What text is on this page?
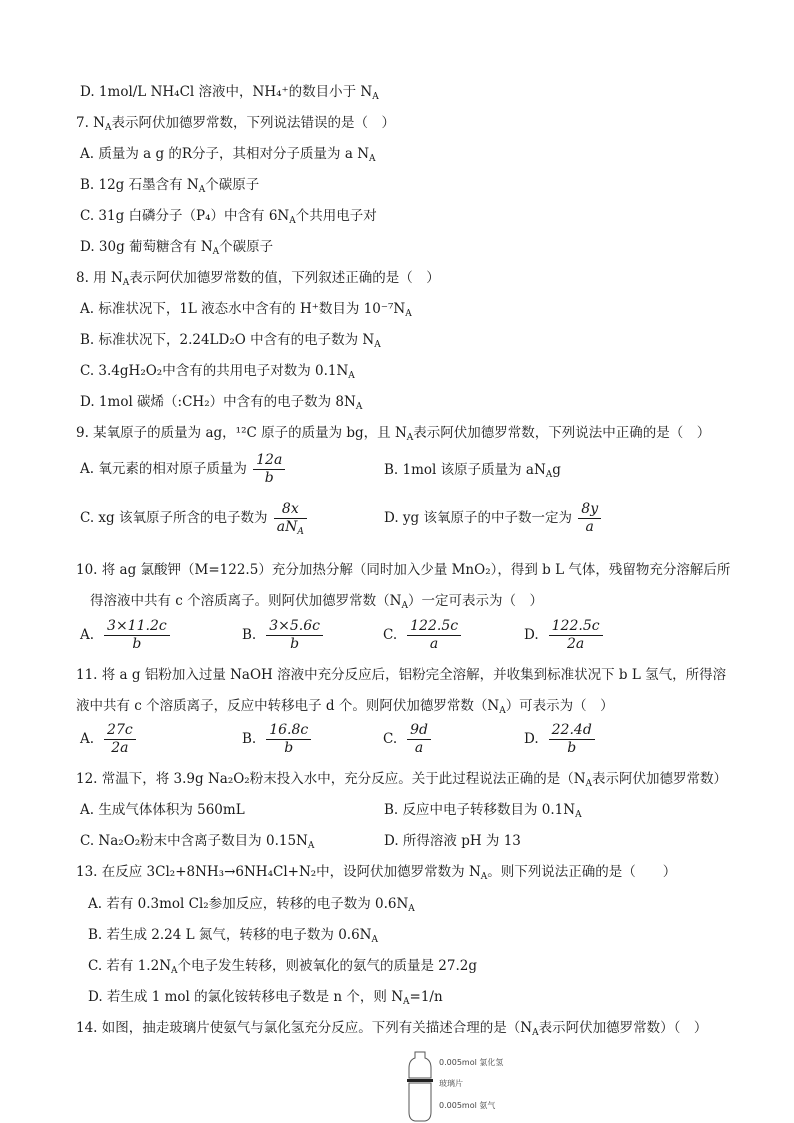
D. 1mol/L NH₄Cl 溶液中，NH₄⁺的数目小于 $N_A$
7. $N_A$表示阿伏加德罗常数，下列说法错误的是（　）
A. 质量为 a g 的R分子，其相对分子质量为 a $N_A$
B. 12g 石墨含有 $N_A$个碳原子
C. 31g 白磷分子（P₄）中含有 $6N_A$个共用电子对
D. 30g 葡萄糖含有 $N_A$个碳原子
8. 用 $N_A$表示阿伏加德罗常数的值，下列叙述正确的是（　）
A. 标准状况下，1L 液态水中含有的 H⁺数目为 $10^{-7}N_A$
B. 标准状况下，2.24LD₂O 中含有的电子数为 $N_A$
C. 3.4gH₂O₂中含有的共用电子对数为 $0.1N_A$
D. 1mol 碳烯（:CH₂）中含有的电子数为 $8N_A$
9. 某氧原子的质量为 ag，¹²C 原子的质量为 bg，且 $N_A$表示阿伏加德罗常数，下列说法中正确的是（　）
A. 氧元素的相对原子质量为 $\frac{12a}{b}$	B. 1mol 该原子质量为 $aN_Ag$
C. xg 该氧原子所含的电子数为 $\frac{8x}{aN_A}$	D. yg 该氧原子的中子数一定为 $\frac{8y}{a}$
10. 将 ag 氯酸钾（M=122.5）充分加热分解（同时加入少量 MnO₂），得到 b L 气体，残留物充分溶解后所
得溶液中共有 c 个溶质离子。则阿伏加德罗常数$(N_A)$一定可表示为（　）
A. $\frac{3\times 11.2c}{b}$	B. $\frac{3\times 5.6c}{b}$	C. $\frac{122.5c}{a}$	D. $\frac{122.5c}{2a}$
11. 将 a g 铝粉加入过量 NaOH 溶液中充分反应后，铝粉完全溶解，并收集到标准状况下 b L 氢气，所得溶
液中共有 c 个溶质离子，反应中转移电子 d 个。则阿伏加德罗常数$(N_A)$可表示为（　）
A. $\frac{27c}{2a}$	B. $\frac{16.8c}{b}$	C. $\frac{9d}{a}$	D. $\frac{22.4d}{b}$
12. 常温下，将 3.9g Na₂O₂粉末投入水中，充分反应。关于此过程说法正确的是（$N_A$表示阿伏加德罗常数）
A. 生成气体体积为 560mL	B. 反应中电子转移数目为 $0.1N_A$
C. Na₂O₂粉末中含离子数目为 $0.15N_A$	D. 所得溶液 pH 为 13
13. 在反应 3Cl₂+8NH₃→6NH₄Cl+N₂中，设阿伏加德罗常数为 $N_A$。则下列说法正确的是（　　）
A. 若有 0.3mol Cl₂参加反应，转移的电子数为 $0.6N_A$
B. 若生成 2.24 L 氮气，转移的电子数为 $0.6N_A$
C. 若有 $1.2N_A$个电子发生转移，则被氧化的氨气的质量是 27.2g
D. 若生成 1 mol 的氯化铵转移电子数是 n 个，则 $N_A=1/n$
14. 如图，抽走玻璃片使氨气与氯化氢充分反应。下列有关描述合理的是（$N_A$表示阿伏加德罗常数）（　）
0.005mol 氯化氢
玻璃片
0.005mol 氨气
